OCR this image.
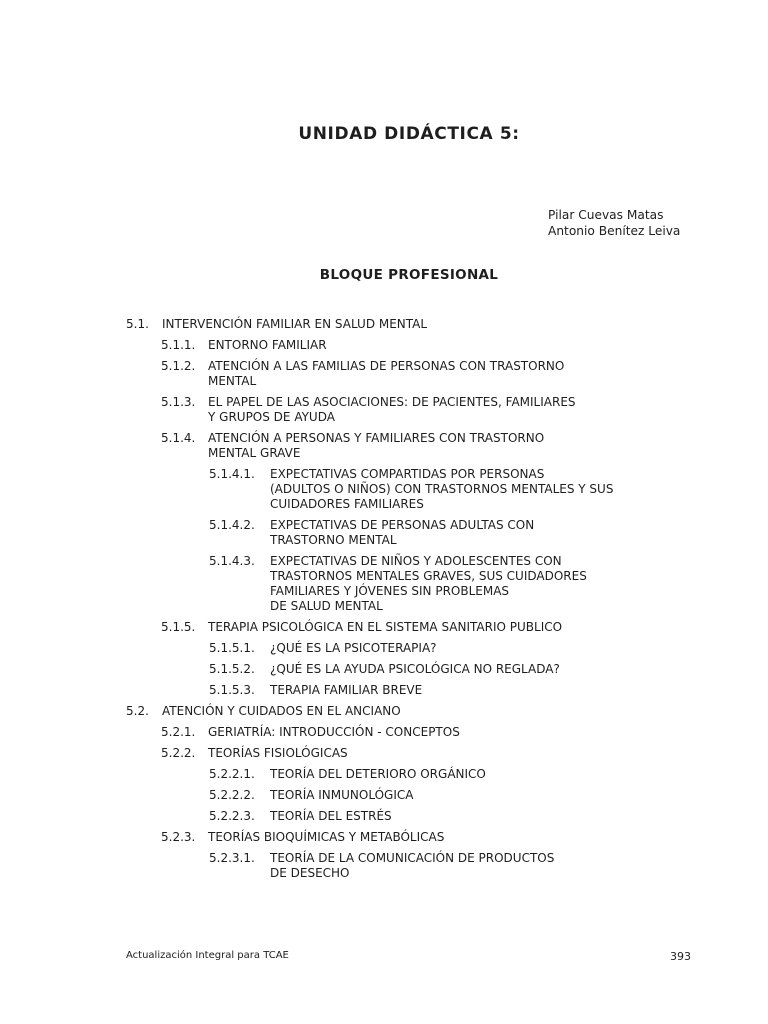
UNIDAD DIDÁCTICA 5:
Pilar Cuevas Matas
Antonio Benítez Leiva
BLOQUE PROFESIONAL
5.1. INTERVENCIÓN FAMILIAR EN SALUD MENTAL
5.1.1. ENTORNO FAMILIAR
5.1.2. ATENCIÓN A LAS FAMILIAS DE PERSONAS CON TRASTORNO
MENTAL
5.1.3. EL PAPEL DE LAS ASOCIACIONES: DE PACIENTES, FAMILIARES
Y GRUPOS DE AYUDA
5.1.4. ATENCIÓN A PERSONAS Y FAMILIARES CON TRASTORNO
MENTAL GRAVE
5.1.4.1. EXPECTATIVAS COMPARTIDAS POR PERSONAS
(ADULTOS O NIÑOS) CON TRASTORNOS MENTALES Y SUS
CUIDADORES FAMILIARES
5.1.4.2. EXPECTATIVAS DE PERSONAS ADULTAS CON
TRASTORNO MENTAL
5.1.4.3. EXPECTATIVAS DE NIÑOS Y ADOLESCENTES CON
TRASTORNOS MENTALES GRAVES, SUS CUIDADORES
FAMILIARES Y JÓVENES SIN PROBLEMAS
DE SALUD MENTAL
5.1.5. TERAPIA PSICOLÓGICA EN EL SISTEMA SANITARIO PUBLICO
5.1.5.1. ¿QUÉ ES LA PSICOTERAPIA?
5.1.5.2. ¿QUÉ ES LA AYUDA PSICOLÓGICA NO REGLADA?
5.1.5.3. TERAPIA FAMILIAR BREVE
5.2. ATENCIÓN Y CUIDADOS EN EL ANCIANO
5.2.1. GERIATRÍA: INTRODUCCIÓN - CONCEPTOS
5.2.2. TEORÍAS FISIOLÓGICAS
5.2.2.1. TEORÍA DEL DETERIORO ORGÁNICO
5.2.2.2. TEORÍA INMUNOLÓGICA
5.2.2.3. TEORÍA DEL ESTRÉS
5.2.3. TEORÍAS BIOQUÍMICAS Y METABÓLICAS
5.2.3.1. TEORÍA DE LA COMUNICACIÓN DE PRODUCTOS
DE DESECHO
Actualización Integral para TCAE	393
